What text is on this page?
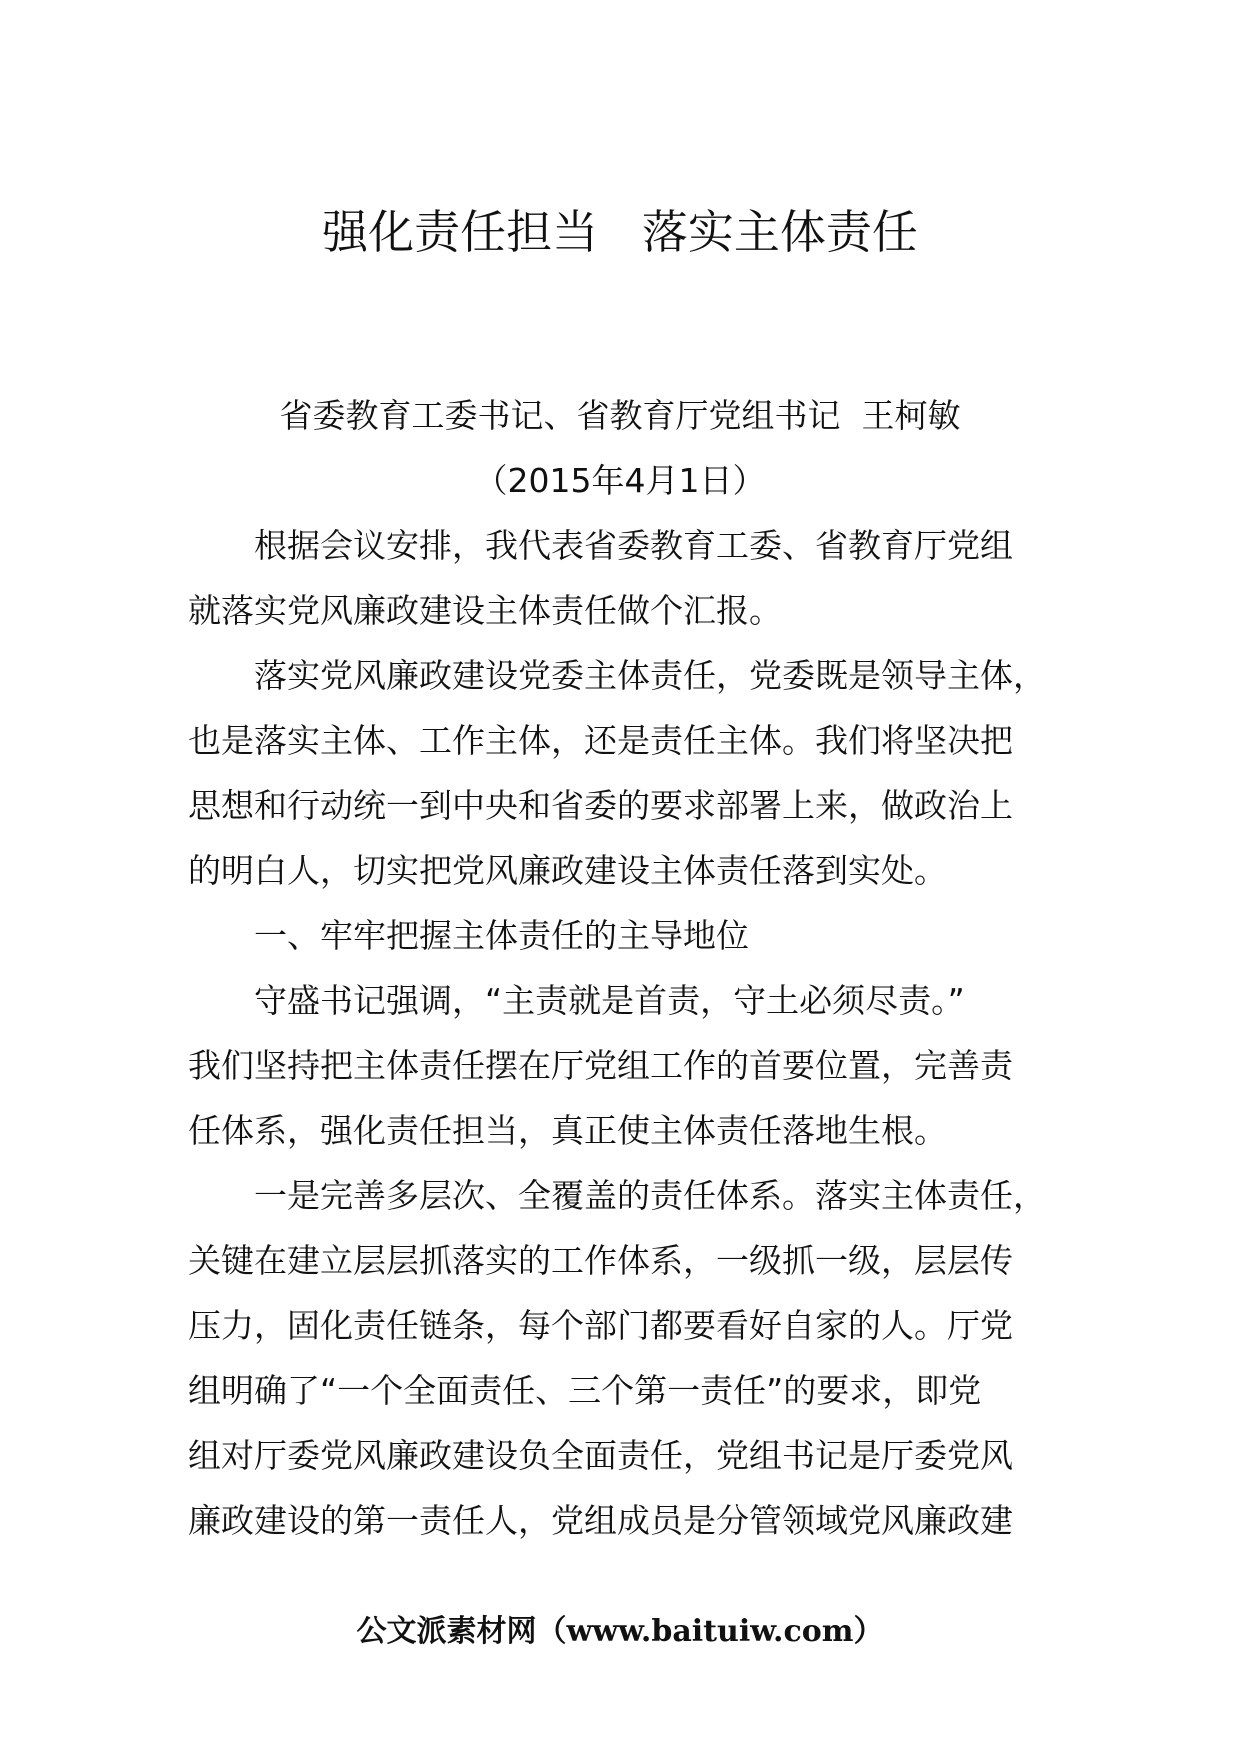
强化责任担当   落实主体责任
省委教育工委书记、省教育厅党组书记  王柯敏
（2015年4月1日）
根据会议安排，我代表省委教育工委、省教育厅党组
就落实党风廉政建设主体责任做个汇报。
落实党风廉政建设党委主体责任，党委既是领导主体，
也是落实主体、工作主体，还是责任主体。我们将坚决把
思想和行动统一到中央和省委的要求部署上来，做政治上
的明白人，切实把党风廉政建设主体责任落到实处。
一、牢牢把握主体责任的主导地位
守盛书记强调，“主责就是首责，守土必须尽责。”
我们坚持把主体责任摆在厅党组工作的首要位置，完善责
任体系，强化责任担当，真正使主体责任落地生根。
一是完善多层次、全覆盖的责任体系。落实主体责任，
关键在建立层层抓落实的工作体系，一级抓一级，层层传
压力，固化责任链条，每个部门都要看好自家的人。厅党
组明确了“一个全面责任、三个第一责任”的要求，即党
组对厅委党风廉政建设负全面责任，党组书记是厅委党风
廉政建设的第一责任人，党组成员是分管领域党风廉政建
公文派素材网（www.baituiw.com）
